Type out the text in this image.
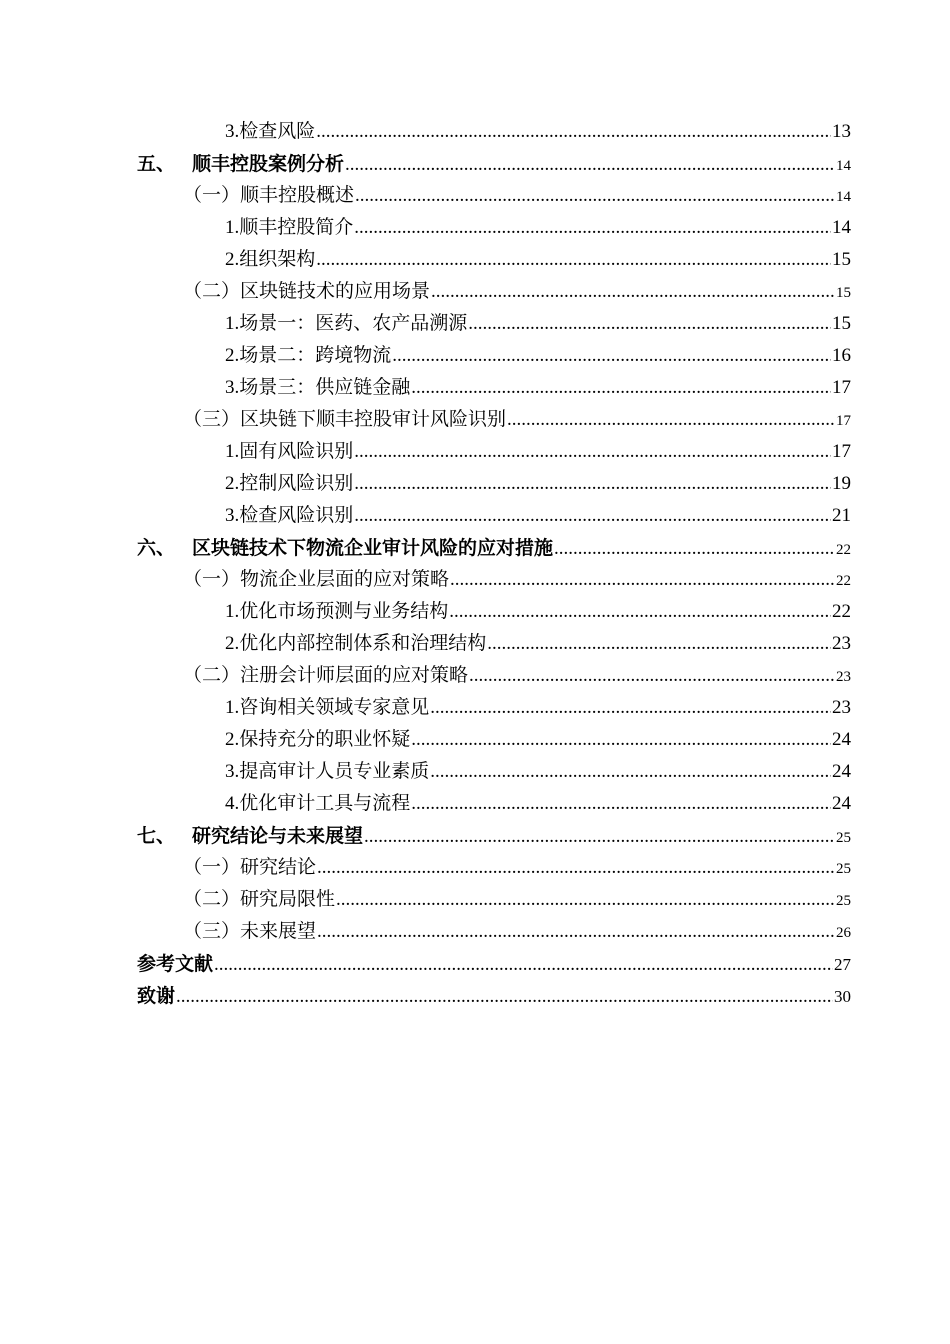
3.检查风险 .....	13
五、 顺丰控股案例分析 .....	14
（一）顺丰控股概述 .....	14
1.顺丰控股简介 .....	14
2.组织架构 .....	15
（二）区块链技术的应用场景 .....	15
1.场景一：医药、农产品溯源 .....	15
2.场景二：跨境物流 .....	16
3.场景三：供应链金融 .....	17
（三）区块链下顺丰控股审计风险识别 .....	17
1.固有风险识别 .....	17
2.控制风险识别 .....	19
3.检查风险识别 .....	21
六、 区块链技术下物流企业审计风险的应对措施 .....	22
（一）物流企业层面的应对策略 .....	22
1.优化市场预测与业务结构 .....	22
2.优化内部控制体系和治理结构 .....	23
（二）注册会计师层面的应对策略 .....	23
1.咨询相关领域专家意见 .....	23
2.保持充分的职业怀疑 .....	24
3.提高审计人员专业素质 .....	24
4.优化审计工具与流程 .....	24
七、 研究结论与未来展望 .....	25
（一）研究结论 .....	25
（二）研究局限性 .....	25
（三）未来展望 .....	26
参考文献 .....	27
致谢 .....	30
